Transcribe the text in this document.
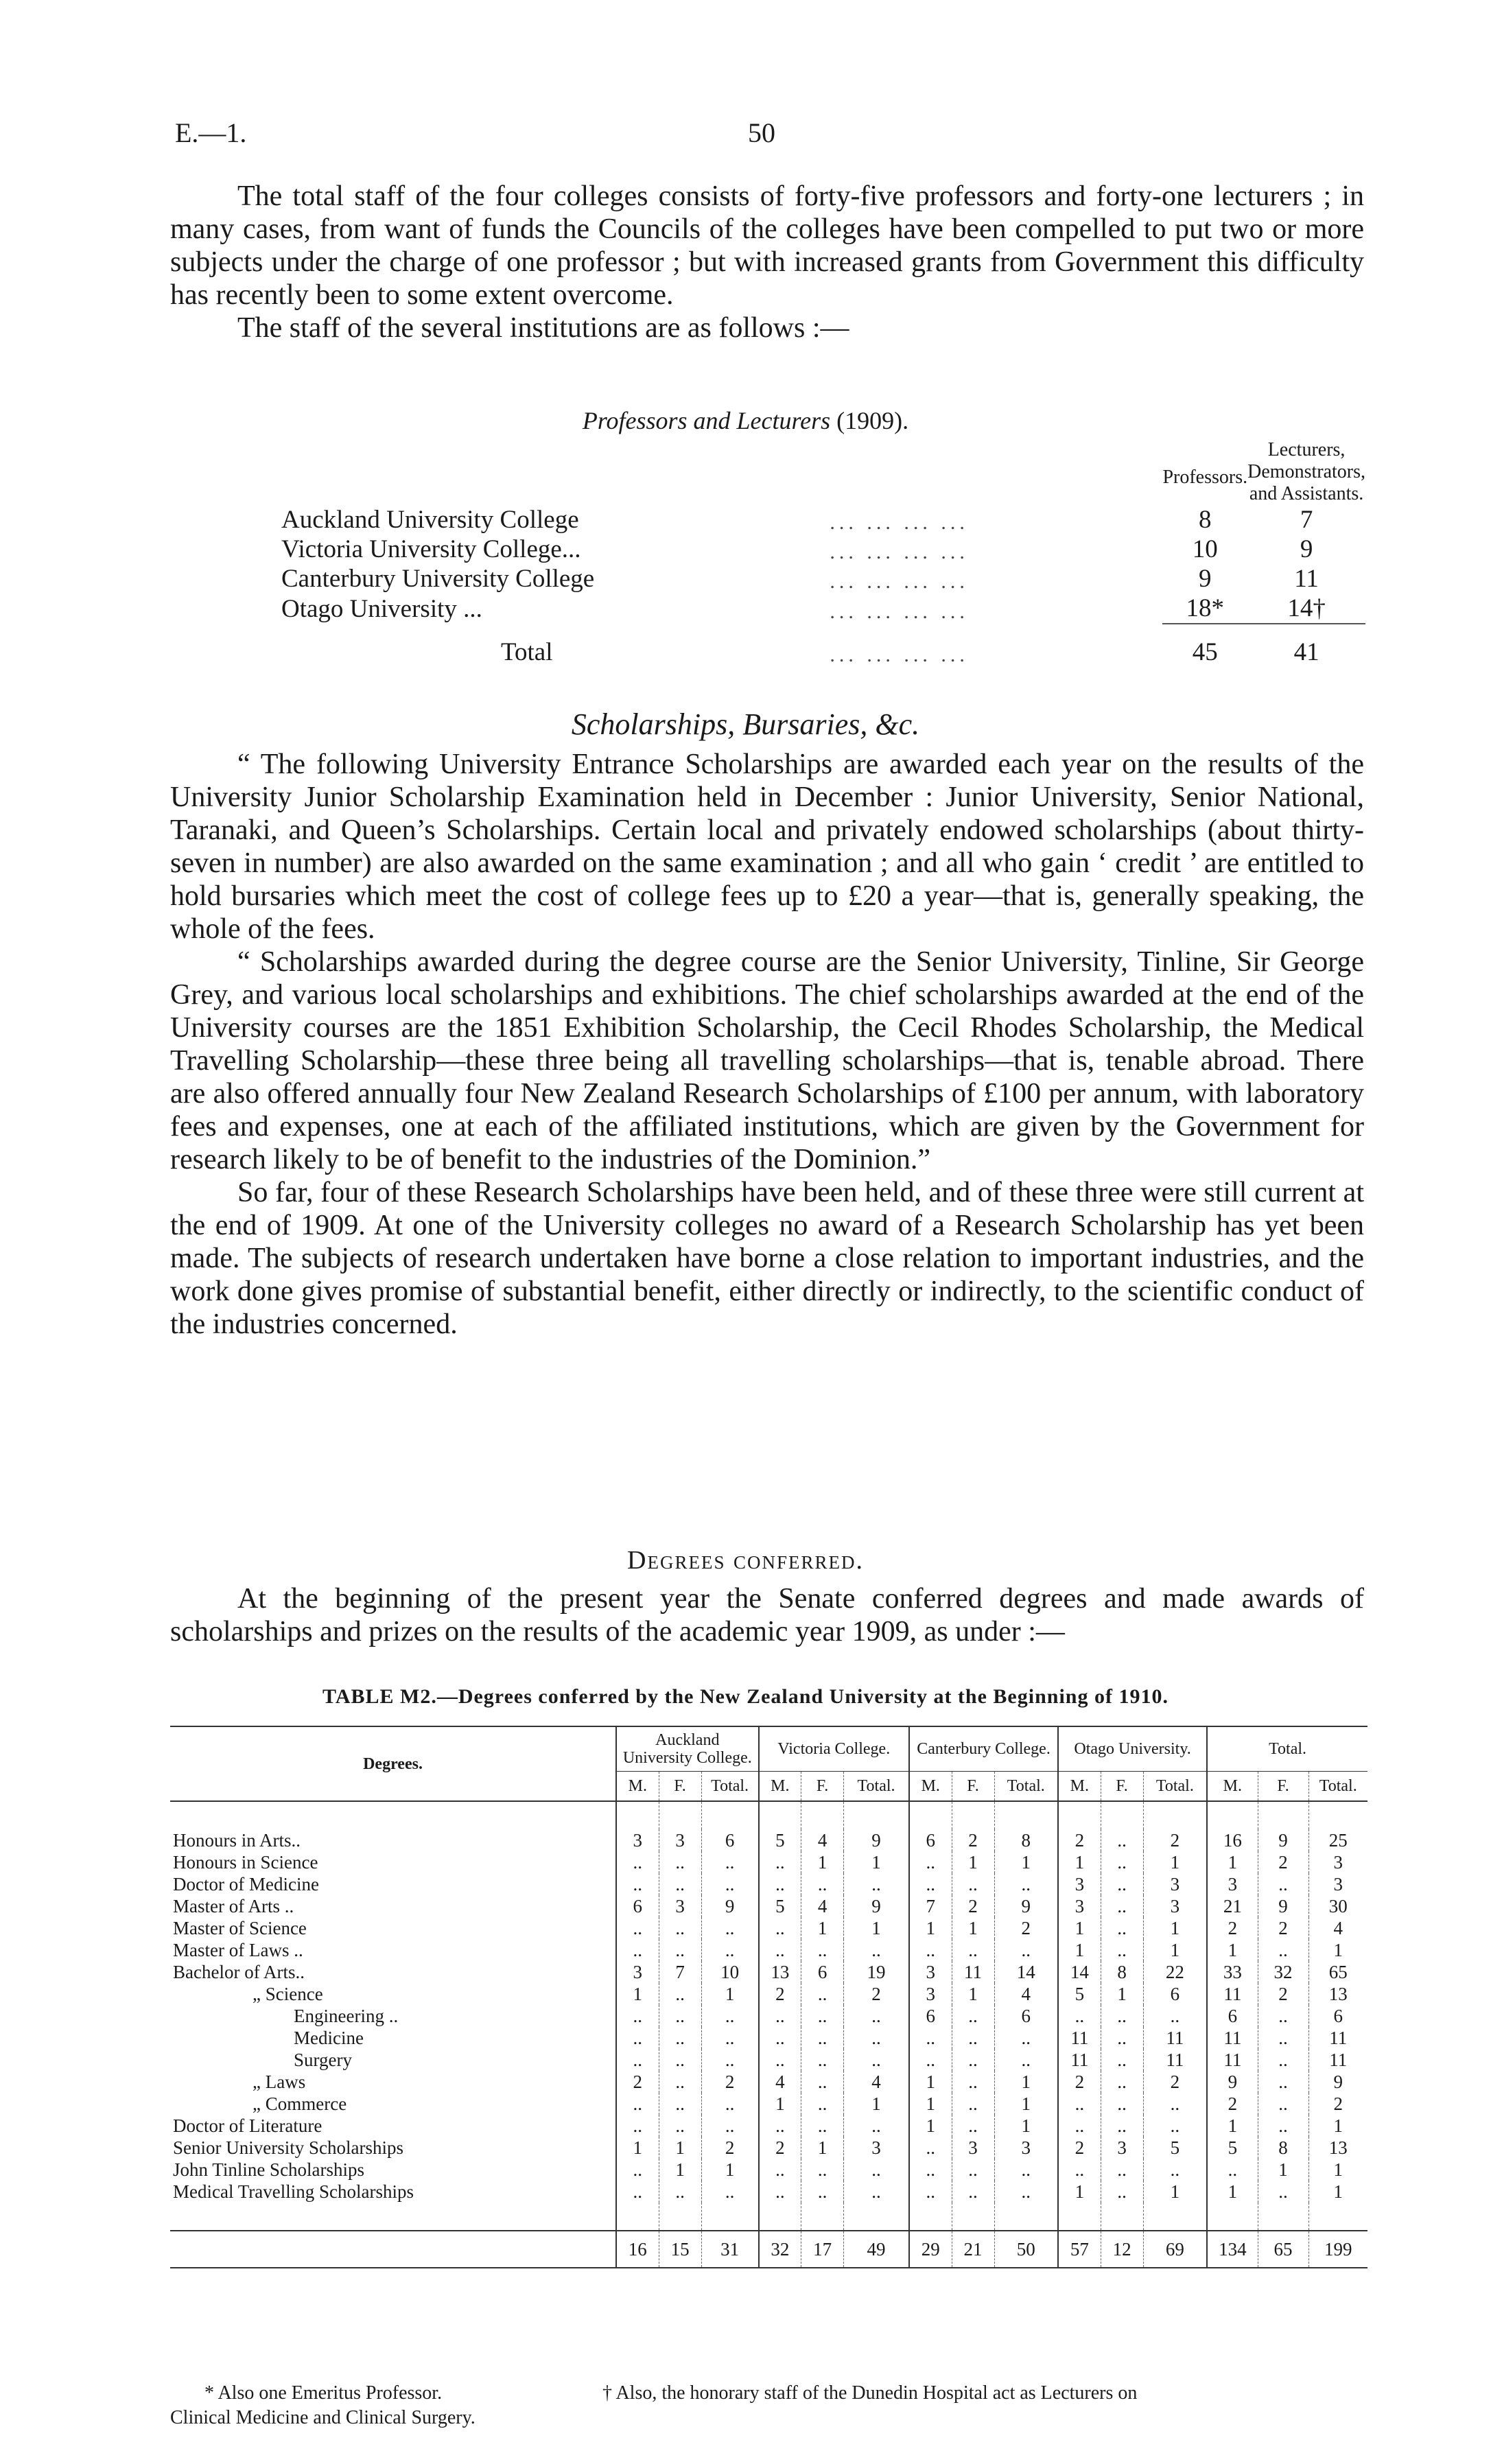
E.—1.	50

The total staff of the four colleges consists of forty-five professors and forty-one lecturers ; in many cases, from want of funds the Councils of the colleges have been compelled to put two or more subjects under the charge of one professor ; but with increased grants from Government this difficulty has recently been to some extent overcome.

The staff of the several institutions are as follows :—

Professors and Lecturers (1909).
		Professors.	Lecturers,
Demonstrators,
and Assistants.

Auckland University College	... ... ... ...	8	7
Victoria University College...	... ... ... ...	10	9
Canterbury University College	... ... ... ...	9	11
Otago University ...	... ... ... ...	18*	14†
Total	... ... ... ...	45	41
Scholarships, Bursaries, &c.

“ The following University Entrance Scholarships are awarded each year on the results of the University Junior Scholarship Examination held in December : Junior University, Senior National, Taranaki, and Queen’s Scholarships. Certain local and privately endowed scholarships (about thirty-seven in number) are also awarded on the same examination ; and all who gain ‘ credit ’ are entitled to hold bursaries which meet the cost of college fees up to £20 a year—that is, generally speaking, the whole of the fees.

“ Scholarships awarded during the degree course are the Senior University, Tinline, Sir George Grey, and various local scholarships and exhibitions. The chief scholarships awarded at the end of the University courses are the 1851 Exhibition Scholarship, the Cecil Rhodes Scholarship, the Medical Travelling Scholarship—these three being all travelling scholarships—that is, tenable abroad. There are also offered annually four New Zealand Research Scholarships of £100 per annum, with laboratory fees and expenses, one at each of the affiliated institutions, which are given by the Government for research likely to be of benefit to the industries of the Dominion.”

So far, four of these Research Scholarships have been held, and of these three were still current at the end of 1909. At one of the University colleges no award of a Research Scholarship has yet been made. The subjects of research undertaken have borne a close relation to important industries, and the work done gives promise of substantial benefit, either directly or indirectly, to the scientific conduct of the industries concerned.

Degrees conferred.

At the beginning of the present year the Senate conferred degrees and made awards of scholarships and prizes on the results of the academic year 1909, as under :—

TABLE M2.—Degrees conferred by the New Zealand University at the Beginning of 1910.
Degrees.	Auckland University College.			Victoria College.			Canterbury College.			Otago University.			Total.		
	M.	F.	Total.	M.	F.	Total.	M.	F.	Total.	M.	F.	Total.	M.	F.	Total.

Honours in Arts..	3	3	6	5	4	9	6	2	8	2	..	2	16	9	25
Honours in Science	..	..	..	..	1	1	..	1	1	1	..	1	1	2	3
Doctor of Medicine	..	..	..	..	..	..	..	..	..	3	..	3	3	..	3
Master of Arts ..	6	3	9	5	4	9	7	2	9	3	..	3	21	9	30
Master of Science	..	..	..	..	1	1	1	1	2	1	..	1	2	2	4
Master of Laws ..	..	..	..	..	..	..	..	..	..	1	..	1	1	..	1
Bachelor of Arts..	3	7	10	13	6	19	3	11	14	14	8	22	33	32	65
„ Science	1	..	1	2	..	2	3	1	4	5	1	6	11	2	13
Engineering ..	..	..	..	..	..	..	6	..	6	..	..	..	6	..	6
Medicine	..	..	..	..	..	..	..	..	..	11	..	11	11	..	11
Surgery	..	..	..	..	..	..	..	..	..	11	..	11	11	..	11
„ Laws	2	..	2	4	..	4	1	..	1	2	..	2	9	..	9
„ Commerce	..	..	..	1	..	1	1	..	1	..	..	..	2	..	2
Doctor of Literature	..	..	..	..	..	..	1	..	1	..	..	..	1	..	1
Senior University Scholarships	1	1	2	2	1	3	..	3	3	2	3	5	5	8	13
John Tinline Scholarships	..	1	1	..	..	..	..	..	..	..	..	..	..	1	1
Medical Travelling Scholarships	..	..	..	..	..	..	..	..	..	1	..	1	1	..	1

	16	15	31	32	17	49	29	21	50	57	12	69	134	65	199
* Also one Emeritus Professor.	† Also, the honorary staff of the Dunedin Hospital act as Lecturers on
Clinical Medicine and Clinical Surgery.
